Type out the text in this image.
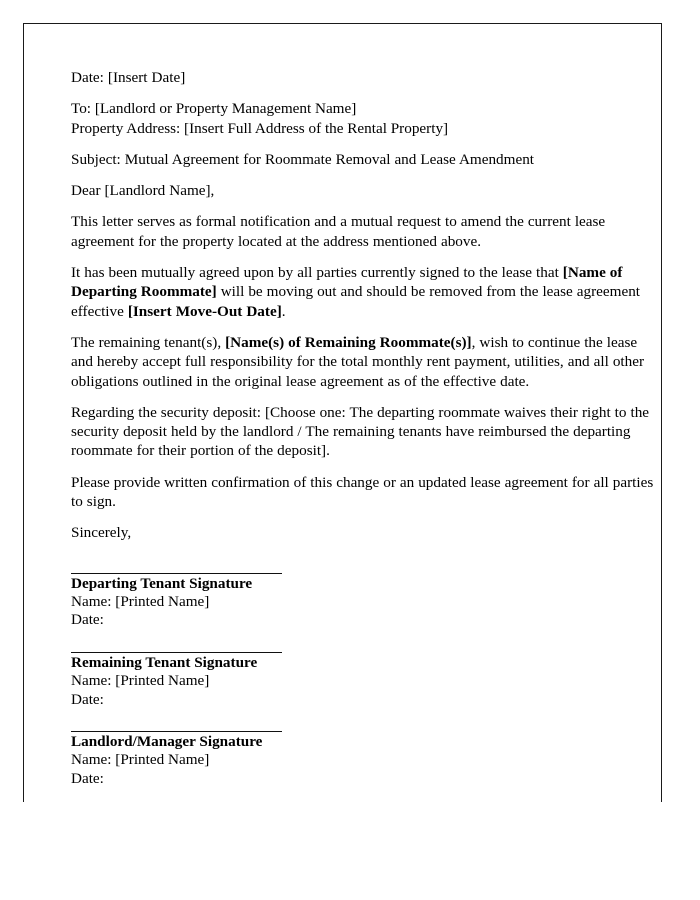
Date: [Insert Date]

To: [Landlord or Property Management Name]
Property Address: [Insert Full Address of the Rental Property]

Subject: Mutual Agreement for Roommate Removal and Lease Amendment

Dear [Landlord Name],

This letter serves as formal notification and a mutual request to amend the current lease agreement for the property located at the address mentioned above.

It has been mutually agreed upon by all parties currently signed to the lease that [Name of Departing Roommate] will be moving out and should be removed from the lease agreement effective [Insert Move-Out Date].

The remaining tenant(s), [Name(s) of Remaining Roommate(s)], wish to continue the lease and hereby accept full responsibility for the total monthly rent payment, utilities, and all other obligations outlined in the original lease agreement as of the effective date.

Regarding the security deposit: [Choose one: The departing roommate waives their right to the security deposit held by the landlord / The remaining tenants have reimbursed the departing roommate for their portion of the deposit].

Please provide written confirmation of this change or an updated lease agreement for all parties to sign.

Sincerely,

Departing Tenant Signature

Name: [Printed Name]

Date:

Remaining Tenant Signature

Name: [Printed Name]

Date:

Landlord/Manager Signature

Name: [Printed Name]

Date:
